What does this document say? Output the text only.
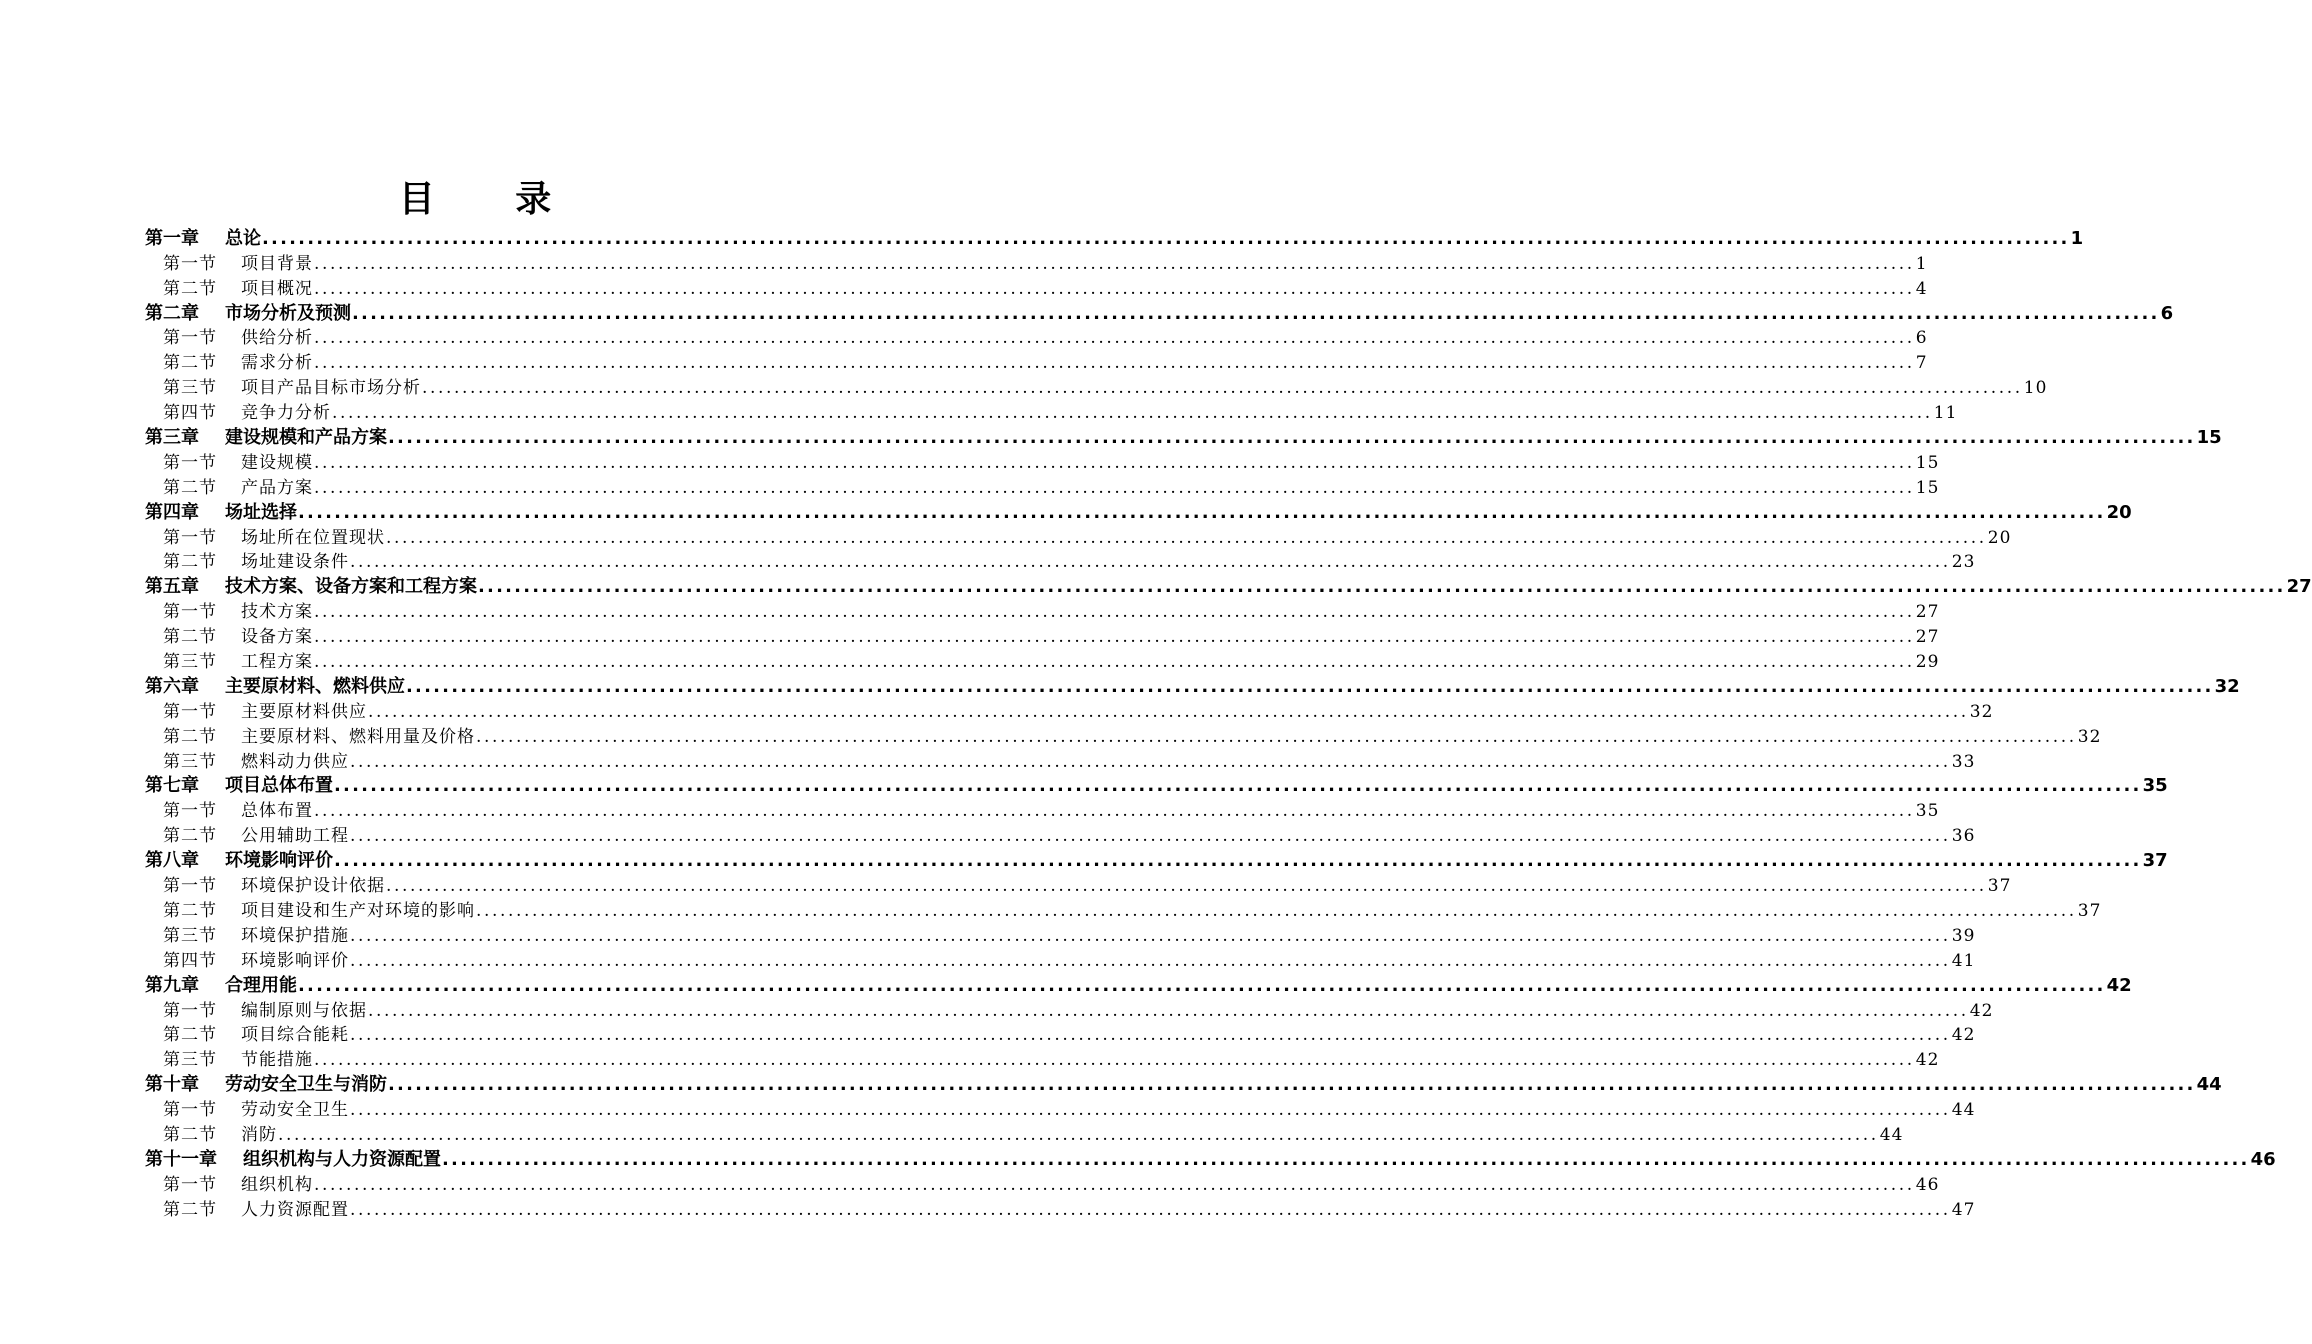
目 录
第一章 总论 ........................................................................................................................................................................................................ 1
第一节 项目背景 ........................................................................................................................................................................................................ 1
第二节 项目概况 ........................................................................................................................................................................................................ 4
第二章 市场分析及预测 ........................................................................................................................................................................................................ 6
第一节 供给分析 ........................................................................................................................................................................................................ 6
第二节 需求分析 ........................................................................................................................................................................................................ 7
第三节 项目产品目标市场分析 ........................................................................................................................................................................................................ 10
第四节 竞争力分析 ........................................................................................................................................................................................................ 11
第三章 建设规模和产品方案 ........................................................................................................................................................................................................ 15
第一节 建设规模 ........................................................................................................................................................................................................ 15
第二节 产品方案 ........................................................................................................................................................................................................ 15
第四章 场址选择 ........................................................................................................................................................................................................ 20
第一节 场址所在位置现状 ........................................................................................................................................................................................................ 20
第二节 场址建设条件 ........................................................................................................................................................................................................ 23
第五章 技术方案、设备方案和工程方案 ........................................................................................................................................................................................................ 27
第一节 技术方案 ........................................................................................................................................................................................................ 27
第二节 设备方案 ........................................................................................................................................................................................................ 27
第三节 工程方案 ........................................................................................................................................................................................................ 29
第六章 主要原材料、燃料供应 ........................................................................................................................................................................................................ 32
第一节 主要原材料供应 ........................................................................................................................................................................................................ 32
第二节 主要原材料、燃料用量及价格 ........................................................................................................................................................................................................ 32
第三节 燃料动力供应 ........................................................................................................................................................................................................ 33
第七章 项目总体布置 ........................................................................................................................................................................................................ 35
第一节 总体布置 ........................................................................................................................................................................................................ 35
第二节 公用辅助工程 ........................................................................................................................................................................................................ 36
第八章 环境影响评价 ........................................................................................................................................................................................................ 37
第一节 环境保护设计依据 ........................................................................................................................................................................................................ 37
第二节 项目建设和生产对环境的影响 ........................................................................................................................................................................................................ 37
第三节 环境保护措施 ........................................................................................................................................................................................................ 39
第四节 环境影响评价 ........................................................................................................................................................................................................ 41
第九章 合理用能 ........................................................................................................................................................................................................ 42
第一节 编制原则与依据 ........................................................................................................................................................................................................ 42
第二节 项目综合能耗 ........................................................................................................................................................................................................ 42
第三节 节能措施 ........................................................................................................................................................................................................ 42
第十章 劳动安全卫生与消防 ........................................................................................................................................................................................................ 44
第一节 劳动安全卫生 ........................................................................................................................................................................................................ 44
第二节 消防 ........................................................................................................................................................................................................ 44
第十一章 组织机构与人力资源配置 ........................................................................................................................................................................................................ 46
第一节 组织机构 ........................................................................................................................................................................................................ 46
第二节 人力资源配置 ........................................................................................................................................................................................................ 47
